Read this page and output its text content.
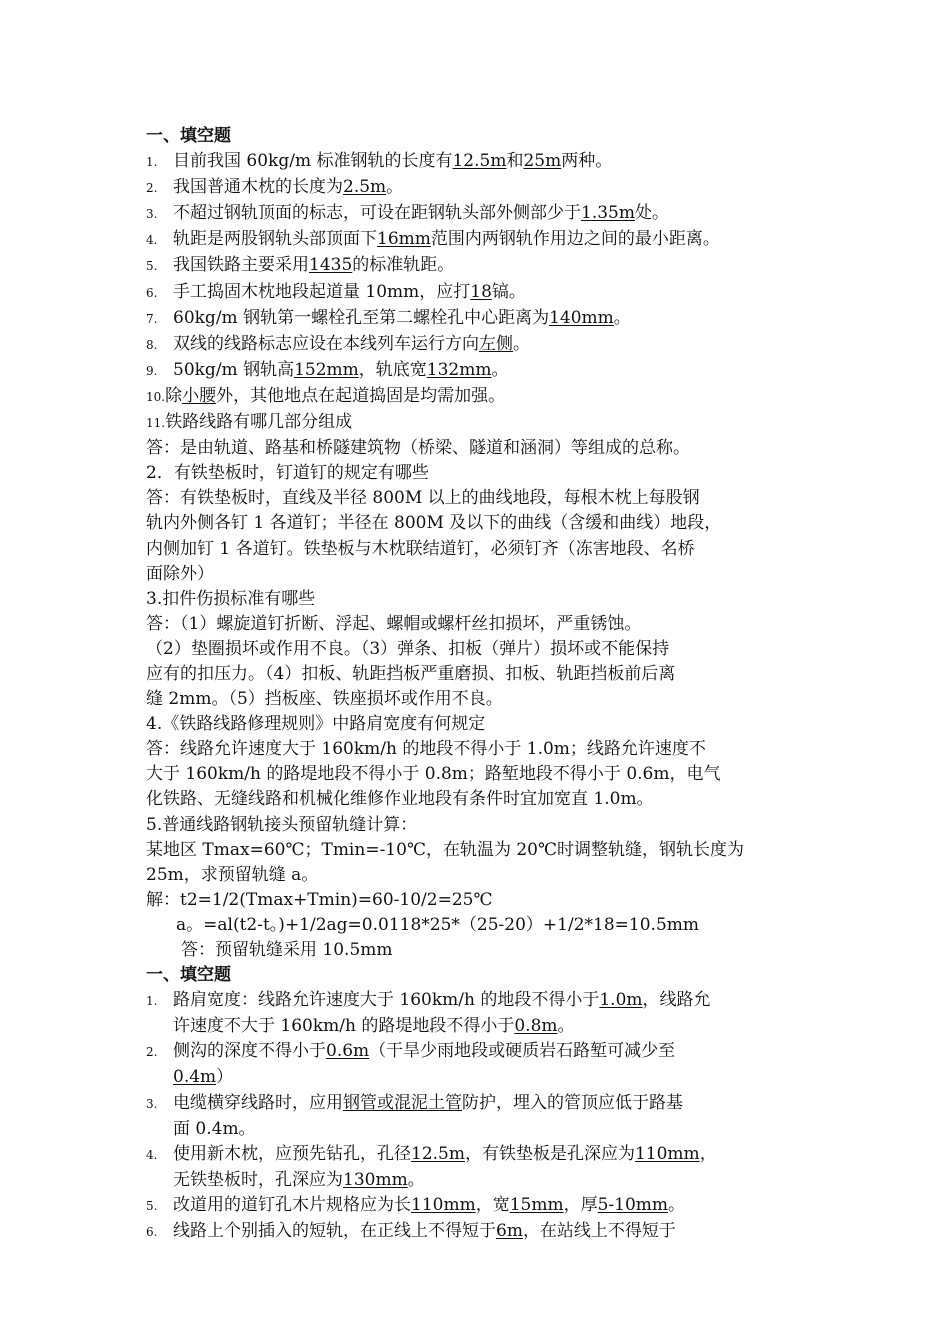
一、填空题
1. 目前我国 60kg/m 标准钢轨的长度有12.5m和25m两种。
2. 我国普通木枕的长度为2.5m。
3. 不超过钢轨顶面的标志，可设在距钢轨头部外侧部少于1.35m处。
4. 轨距是两股钢轨头部顶面下16mm范围内两钢轨作用边之间的最小距离。
5. 我国铁路主要采用1435的标准轨距。
6. 手工捣固木枕地段起道量 10mm，应打18镐。
7. 60kg/m 钢轨第一螺栓孔至第二螺栓孔中心距离为140mm。
8. 双线的线路标志应设在本线列车运行方向左侧。
9. 50kg/m 钢轨高152mm，轨底宽132mm。
10.除小腰外，其他地点在起道捣固是均需加强。
11.铁路线路有哪几部分组成
答：是由轨道、路基和桥隧建筑物（桥梁、隧道和涵洞）等组成的总称。
2．有铁垫板时，钉道钉的规定有哪些
答：有铁垫板时，直线及半径 800M 以上的曲线地段，每根木枕上每股钢
轨内外侧各钉 1 各道钉；半径在 800M 及以下的曲线（含缓和曲线）地段，
内侧加钉 1 各道钉。铁垫板与木枕联结道钉，必须钉齐（冻害地段、名桥
面除外）
3.扣件伤损标准有哪些
答：（1）螺旋道钉折断、浮起、螺帽或螺杆丝扣损坏，严重锈蚀。
（2）垫圈损坏或作用不良。（3）弹条、扣板（弹片）损坏或不能保持
应有的扣压力。（4）扣板、轨距挡板严重磨损、扣板、轨距挡板前后离
缝 2mm。（5）挡板座、铁座损坏或作用不良。
4.《铁路线路修理规则》中路肩宽度有何规定
答：线路允许速度大于 160km/h 的地段不得小于 1.0m；线路允许速度不
大于 160km/h 的路堤地段不得小于 0.8m；路堑地段不得小于 0.6m，电气
化铁路、无缝线路和机械化维修作业地段有条件时宜加宽直 1.0m。
5.普通线路钢轨接头预留轨缝计算：
某地区 Tmax=60℃；Tmin=-10℃，在轨温为 20℃时调整轨缝，钢轨长度为
25m，求预留轨缝 a。
解：t2=1/2(Tmax+Tmin)=60-10/2=25℃
a。=al(t2-t。)+1/2ag=0.0118*25*（25-20）+1/2*18=10.5mm
答：预留轨缝采用 10.5mm
一、填空题
1. 路肩宽度：线路允许速度大于 160km/h 的地段不得小于1.0m，线路允
许速度不大于 160km/h 的路堤地段不得小于0.8m。
2. 侧沟的深度不得小于0.6m（干旱少雨地段或硬质岩石路堑可减少至
0.4m）
3. 电缆横穿线路时，应用钢管或混泥土管防护，埋入的管顶应低于路基
面 0.4m。
4. 使用新木枕，应预先钻孔，孔径12.5m，有铁垫板是孔深应为110mm，
无铁垫板时，孔深应为130mm。
5. 改道用的道钉孔木片规格应为长110mm，宽15mm，厚5-10mm。
6. 线路上个别插入的短轨，在正线上不得短于6m，在站线上不得短于
